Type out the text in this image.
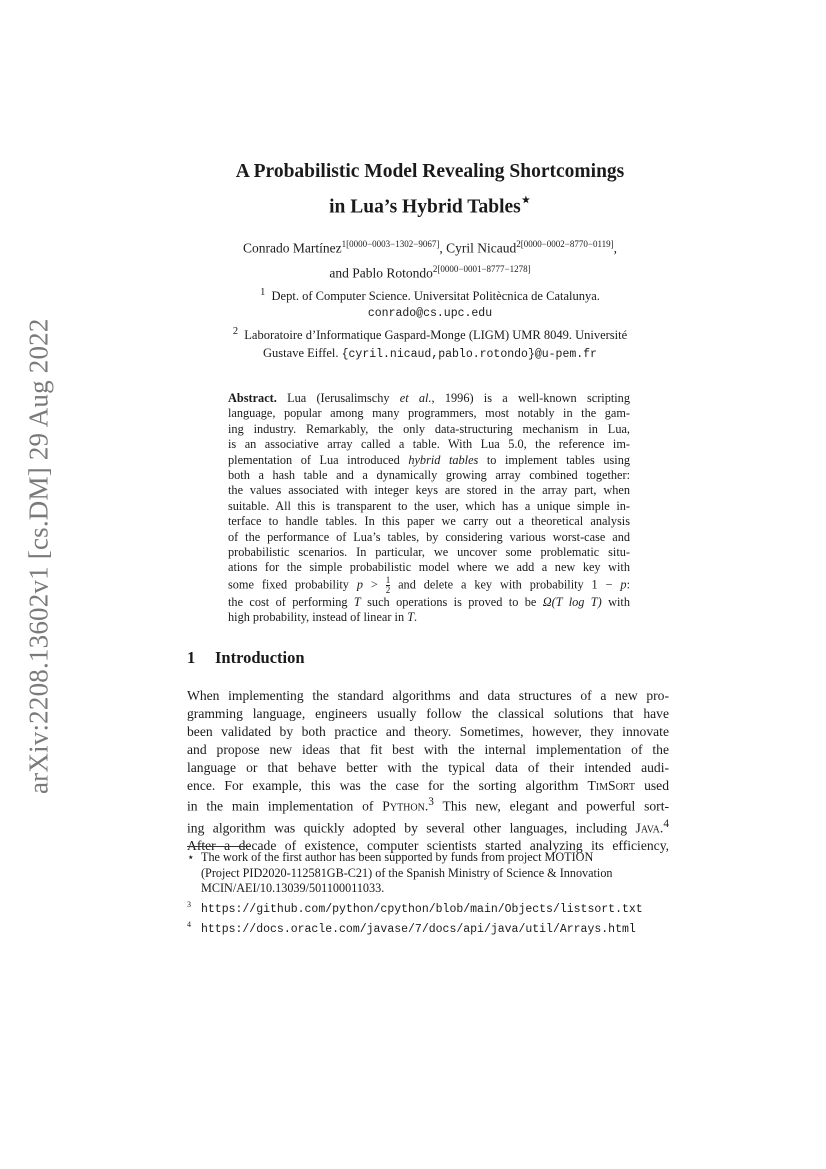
arXiv:2208.13602v1 [cs.DM] 29 Aug 2022
A Probabilistic Model Revealing Shortcomings
in Lua’s Hybrid Tables⋆
Conrado Martínez$^{1[0000-0003-1302-9067]}$, Cyril Nicaud$^{2[0000-0002-8770-0119]}$,
and Pablo Rotondo$^{2[0000-0001-8777-1278]}$
$^1$ Dept. of Computer Science. Universitat Politècnica de Catalunya.
conrado@cs.upc.edu
$^2$ Laboratoire d’Informatique Gaspard-Monge (LIGM) UMR 8049. Université
Gustave Eiffel. {cyril.nicaud,pablo.rotondo}@u-pem.fr
Abstract. Lua (Ierusalimschy et al., 1996) is a well-known scripting
language, popular among many programmers, most notably in the gam-
ing industry. Remarkably, the only data-structuring mechanism in Lua,
is an associative array called a table. With Lua 5.0, the reference im-
plementation of Lua introduced hybrid tables to implement tables using
both a hash table and a dynamically growing array combined together:
the values associated with integer keys are stored in the array part, when
suitable. All this is transparent to the user, which has a unique simple in-
terface to handle tables. In this paper we carry out a theoretical analysis
of the performance of Lua’s tables, by considering various worst-case and
probabilistic scenarios. In particular, we uncover some problematic situ-
ations for the simple probabilistic model where we add a new key with
some fixed probability $p > \frac{1}{2}$ and delete a key with probability 1 − p:
the cost of performing T such operations is proved to be Ω(T log T) with
high probability, instead of linear in T.
1 Introduction
When implementing the standard algorithms and data structures of a new pro-
gramming language, engineers usually follow the classical solutions that have
been validated by both practice and theory. Sometimes, however, they innovate
and propose new ideas that fit best with the internal implementation of the
language or that behave better with the typical data of their intended audi-
ence. For example, this was the case for the sorting algorithm TimSort used
in the main implementation of Python.$^3$ This new, elegant and powerful sort-
ing algorithm was quickly adopted by several other languages, including Java.$^4$
After a decade of existence, computer scientists started analyzing its efficiency,
⋆ The work of the first author has been supported by funds from project MOTION
(Project PID2020-112581GB-C21) of the Spanish Ministry of Science & Innovation
MCIN/AEI/10.13039/501100011033.
$^3$ https://github.com/python/cpython/blob/main/Objects/listsort.txt
$^4$ https://docs.oracle.com/javase/7/docs/api/java/util/Arrays.html
